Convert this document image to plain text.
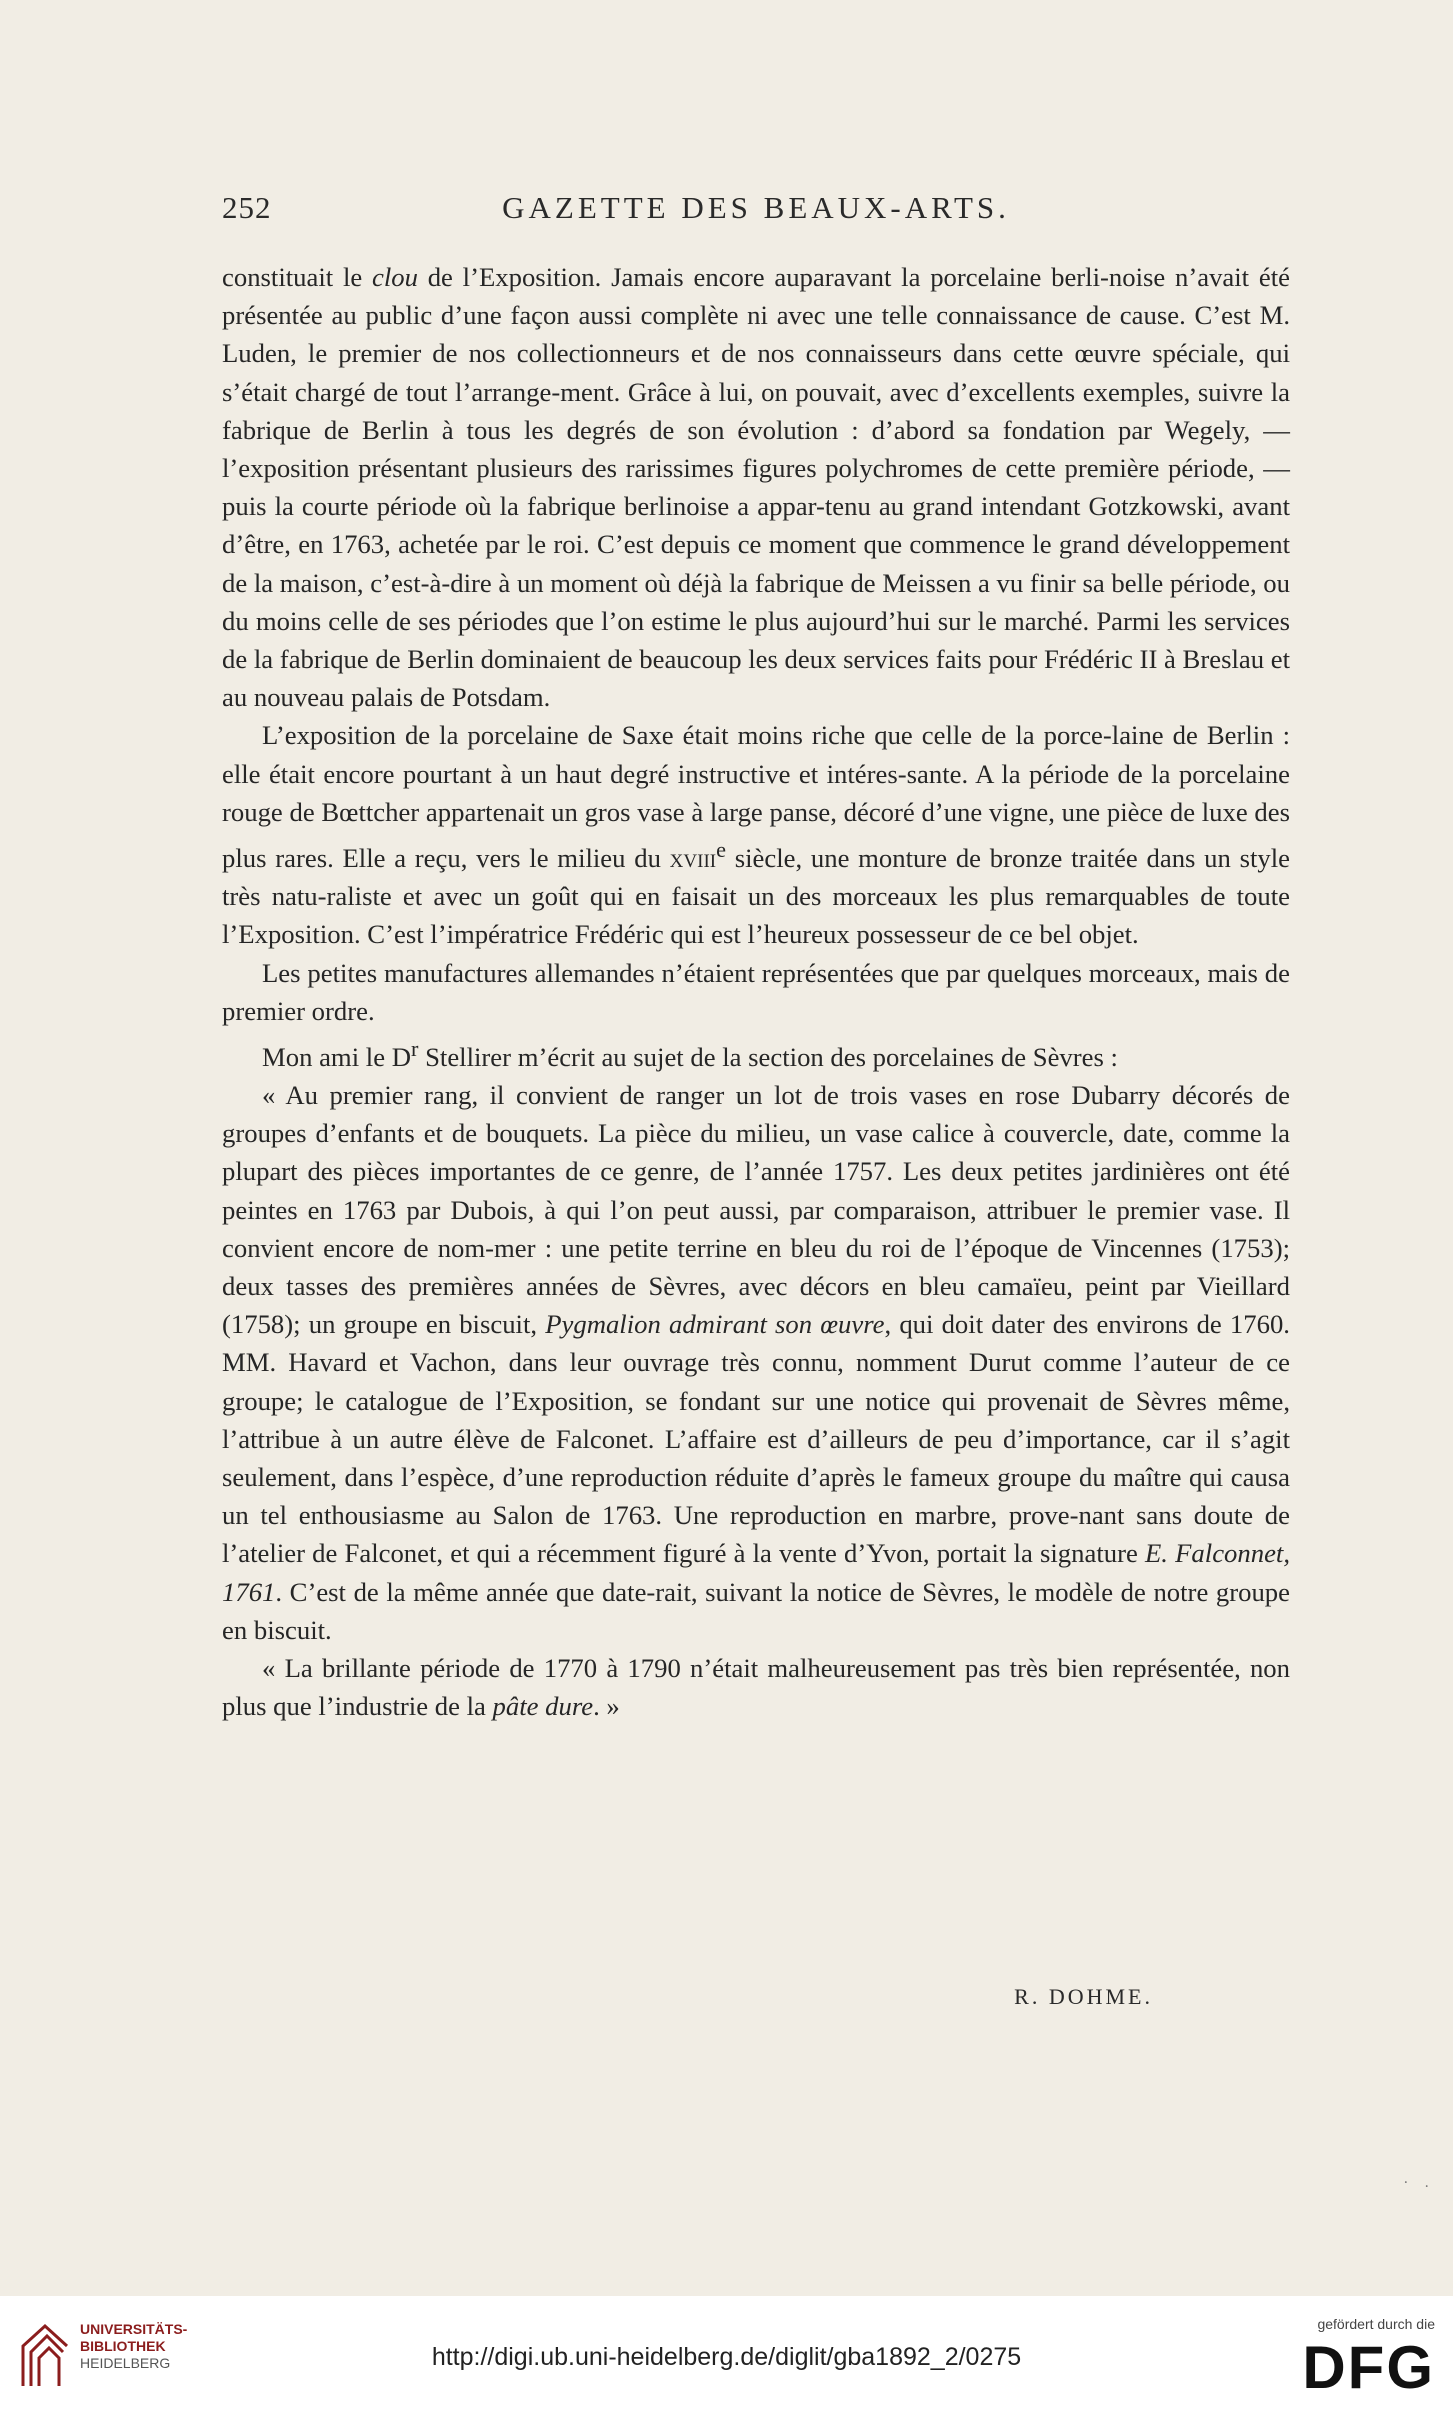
252	GAZETTE DES BEAUX-ARTS.

constituait le clou de l’Exposition. Jamais encore auparavant la porcelaine berli-noise n’avait été présentée au public d’une façon aussi complète ni avec une telle connaissance de cause. C’est M. Luden, le premier de nos collectionneurs et de nos connaisseurs dans cette œuvre spéciale, qui s’était chargé de tout l’arrange-ment. Grâce à lui, on pouvait, avec d’excellents exemples, suivre la fabrique de Berlin à tous les degrés de son évolution : d’abord sa fondation par Wegely, — l’exposition présentant plusieurs des rarissimes figures polychromes de cette première période, — puis la courte période où la fabrique berlinoise a appar-tenu au grand intendant Gotzkowski, avant d’être, en 1763, achetée par le roi. C’est depuis ce moment que commence le grand développement de la maison, c’est-à-dire à un moment où déjà la fabrique de Meissen a vu finir sa belle période, ou du moins celle de ses périodes que l’on estime le plus aujourd’hui sur le marché. Parmi les services de la fabrique de Berlin dominaient de beaucoup les deux services faits pour Frédéric II à Breslau et au nouveau palais de Potsdam.

L’exposition de la porcelaine de Saxe était moins riche que celle de la porce-laine de Berlin : elle était encore pourtant à un haut degré instructive et intéres-sante. A la période de la porcelaine rouge de Bœttcher appartenait un gros vase à large panse, décoré d’une vigne, une pièce de luxe des plus rares. Elle a reçu, vers le milieu du xviii$^e$ siècle, une monture de bronze traitée dans un style très natu-raliste et avec un goût qui en faisait un des morceaux les plus remarquables de toute l’Exposition. C’est l’impératrice Frédéric qui est l’heureux possesseur de ce bel objet.

Les petites manufactures allemandes n’étaient représentées que par quelques morceaux, mais de premier ordre.

Mon ami le $D^r$ Stellirer m’écrit au sujet de la section des porcelaines de Sèvres :

« Au premier rang, il convient de ranger un lot de trois vases en rose Dubarry décorés de groupes d’enfants et de bouquets. La pièce du milieu, un vase calice à couvercle, date, comme la plupart des pièces importantes de ce genre, de l’année 1757. Les deux petites jardinières ont été peintes en 1763 par Dubois, à qui l’on peut aussi, par comparaison, attribuer le premier vase. Il convient encore de nom-mer : une petite terrine en bleu du roi de l’époque de Vincennes (1753); deux tasses des premières années de Sèvres, avec décors en bleu camaïeu, peint par Vieillard (1758); un groupe en biscuit, Pygmalion admirant son œuvre, qui doit dater des environs de 1760. MM. Havard et Vachon, dans leur ouvrage très connu, nomment Durut comme l’auteur de ce groupe; le catalogue de l’Exposition, se fondant sur une notice qui provenait de Sèvres même, l’attribue à un autre élève de Falconet. L’affaire est d’ailleurs de peu d’importance, car il s’agit seulement, dans l’espèce, d’une reproduction réduite d’après le fameux groupe du maître qui causa un tel enthousiasme au Salon de 1763. Une reproduction en marbre, prove-nant sans doute de l’atelier de Falconet, et qui a récemment figuré à la vente d’Yvon, portait la signature E. Falconnet, 1761. C’est de la même année que date-rait, suivant la notice de Sèvres, le modèle de notre groupe en biscuit.

« La brillante période de 1770 à 1790 n’était malheureusement pas très bien représentée, non plus que l’industrie de la pâte dure. »

R. DOHME.
· .
UNIVERSITÄTS-
BIBLIOTHEK
HEIDELBERG	http://digi.ub.uni-heidelberg.de/diglit/gba1892_2/0275
gefördert durch die
DFG
